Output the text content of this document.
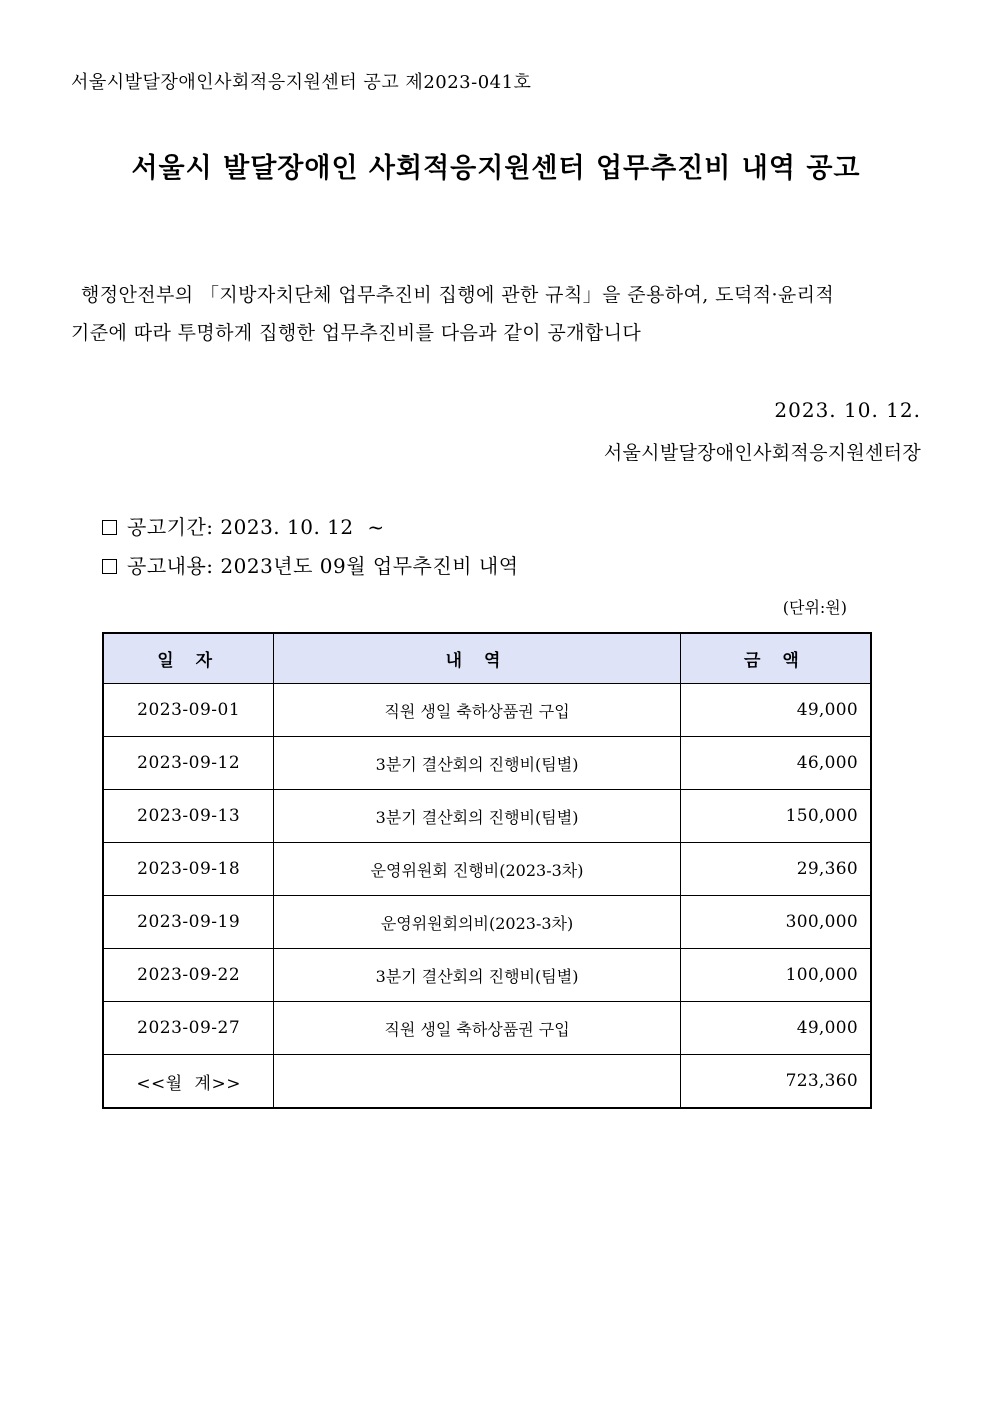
서울시발달장애인사회적응지원센터 공고 제2023-041호
서울시 발달장애인 사회적응지원센터 업무추진비 내역 공고
행정안전부의 「지방자치단체 업무추진비 집행에 관한 규칙」을 준용하여, 도덕적·윤리적
기준에 따라 투명하게 집행한 업무추진비를 다음과 같이 공개합니다
2023. 10. 12.
서울시발달장애인사회적응지원센터장
공고기간: 2023. 10. 12  ~
공고내용: 2023년도 09월 업무추진비 내역
(단위:원)
일 자	내 역	금 액
2023-09-01	직원 생일 축하상품권 구입	49,000
2023-09-12	3분기 결산회의 진행비(팀별)	46,000
2023-09-13	3분기 결산회의 진행비(팀별)	150,000
2023-09-18	운영위원회 진행비(2023-3차)	29,360
2023-09-19	운영위원회의비(2023-3차)	300,000
2023-09-22	3분기 결산회의 진행비(팀별)	100,000
2023-09-27	직원 생일 축하상품권 구입	49,000
<<월  계>>		723,360
